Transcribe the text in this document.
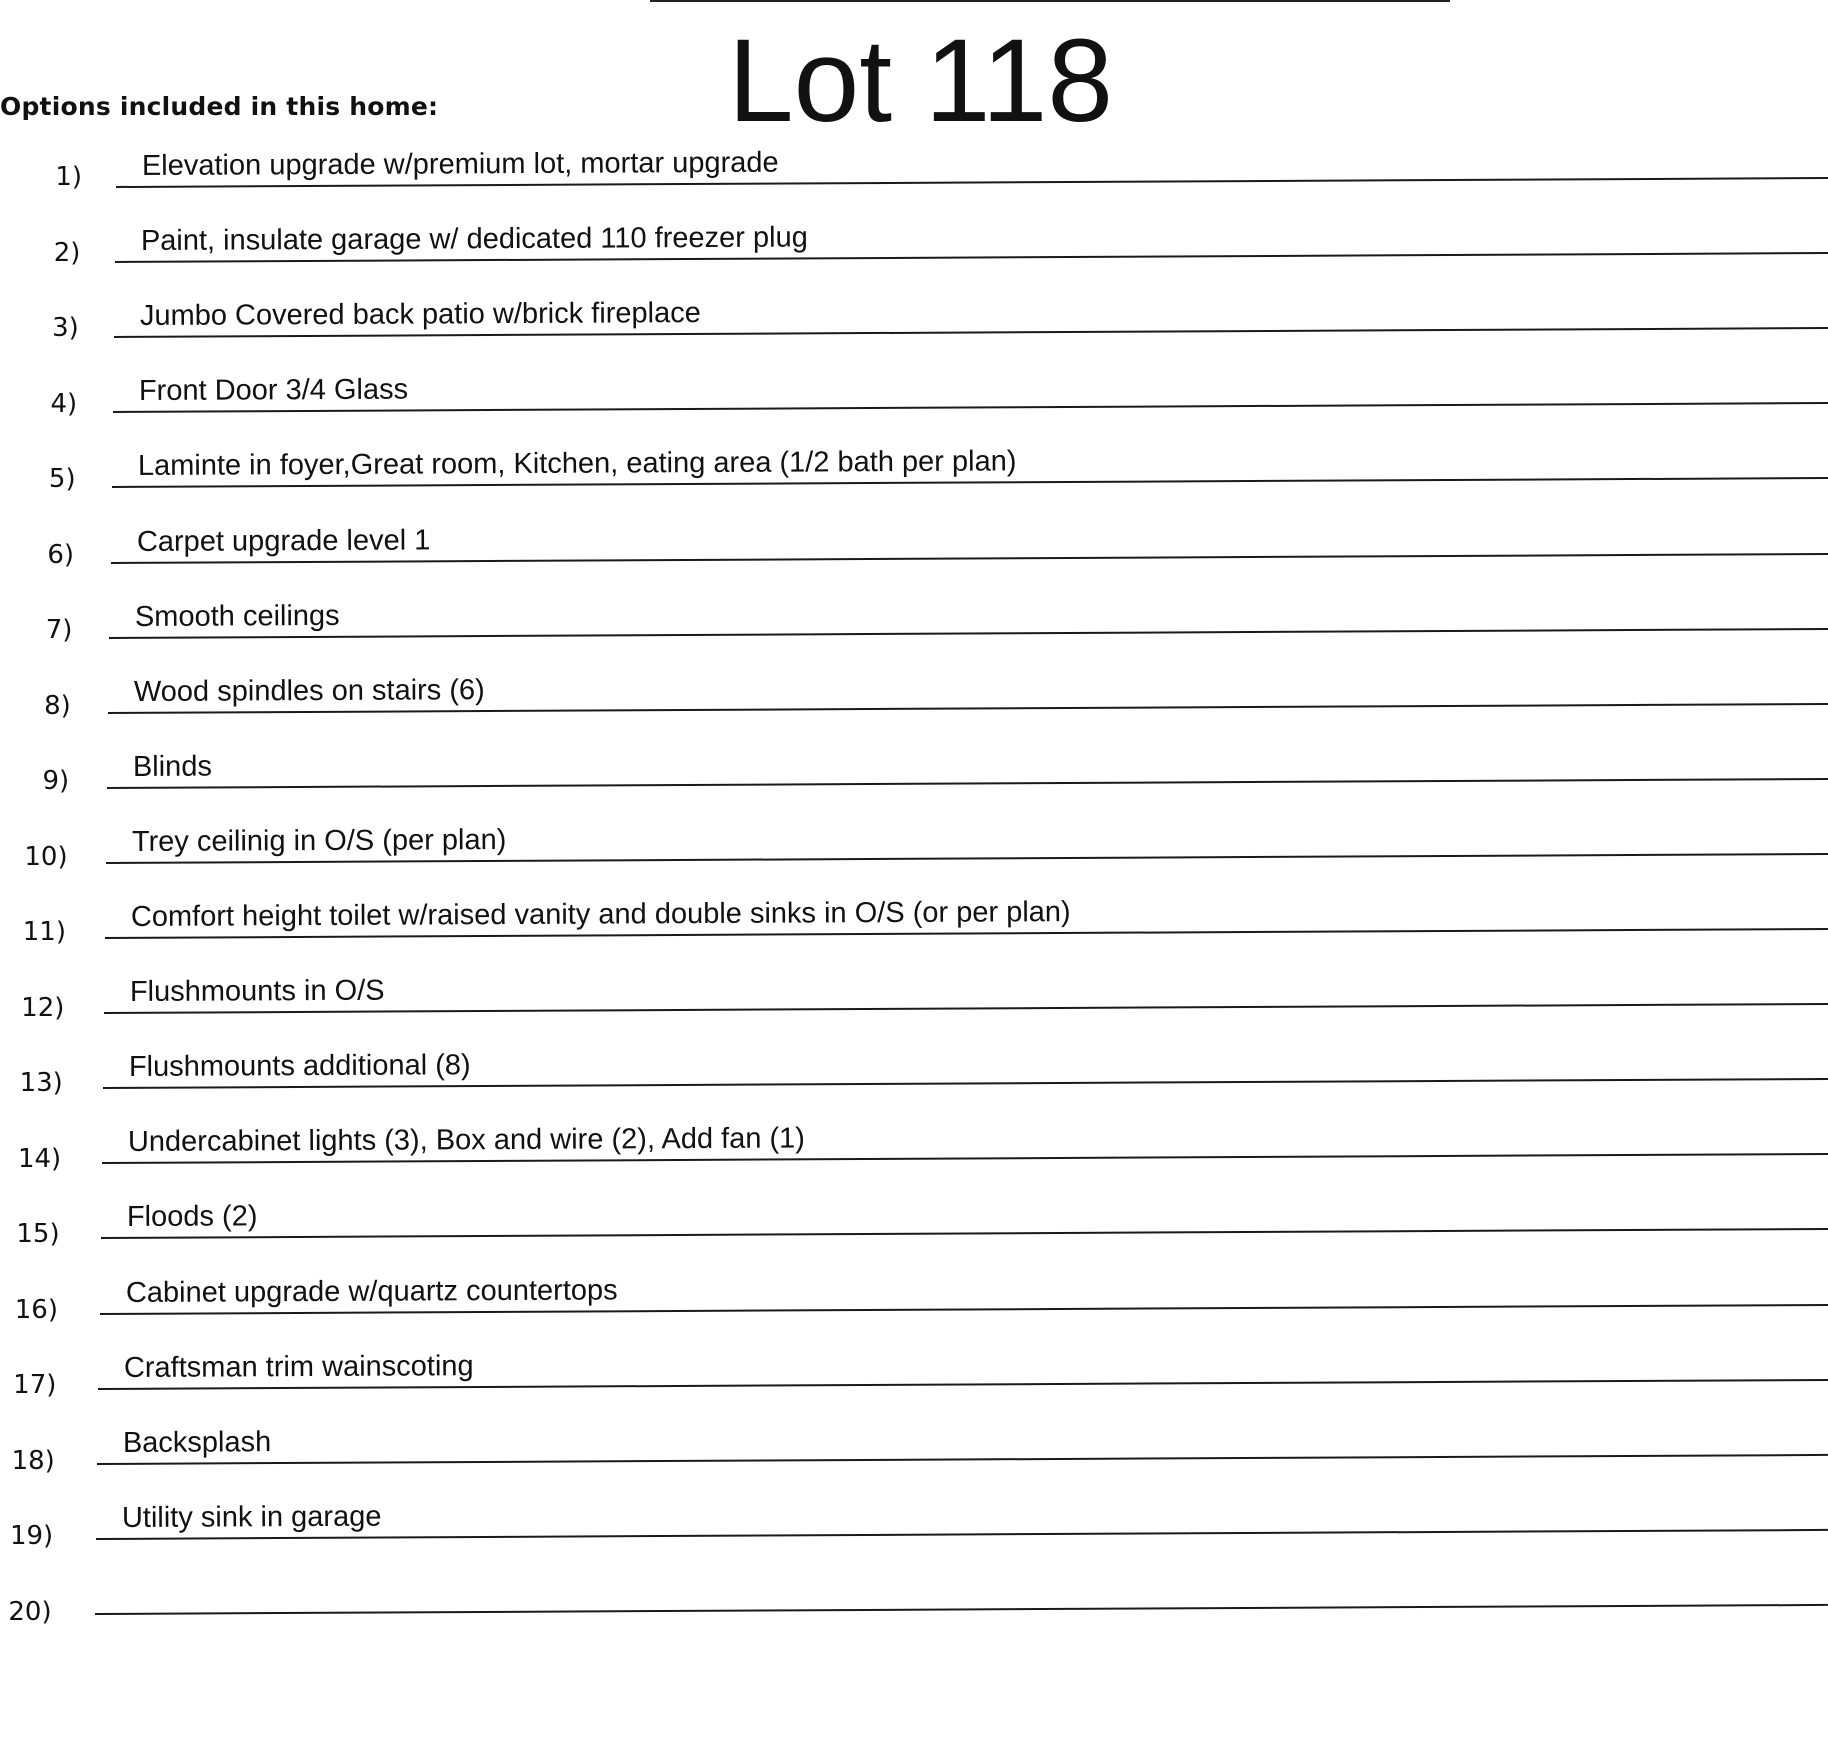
Options included in this home: Lot 118
1) Elevation upgrade w/premium lot, mortar upgrade
2) Paint, insulate garage w/ dedicated 110 freezer plug
3) Jumbo Covered back patio w/brick fireplace
4) Front Door 3/4 Glass
5) Laminte in foyer,Great room, Kitchen, eating area (1/2 bath per plan)
6) Carpet upgrade level 1
7) Smooth ceilings
8) Wood spindles on stairs (6)
9) Blinds
10) Trey ceilinig in O/S (per plan)
11) Comfort height toilet w/raised vanity and double sinks in O/S (or per plan)
12) Flushmounts in O/S
13) Flushmounts additional (8)
14)
Undercabinet lights (3), Box and wire (2), Add fan (1)
15)
Floods (2)
16)
Cabinet upgrade w/quartz countertops
17)
Craftsman trim wainscoting
18)
Backsplash
19)
Utility sink in garage
20)
